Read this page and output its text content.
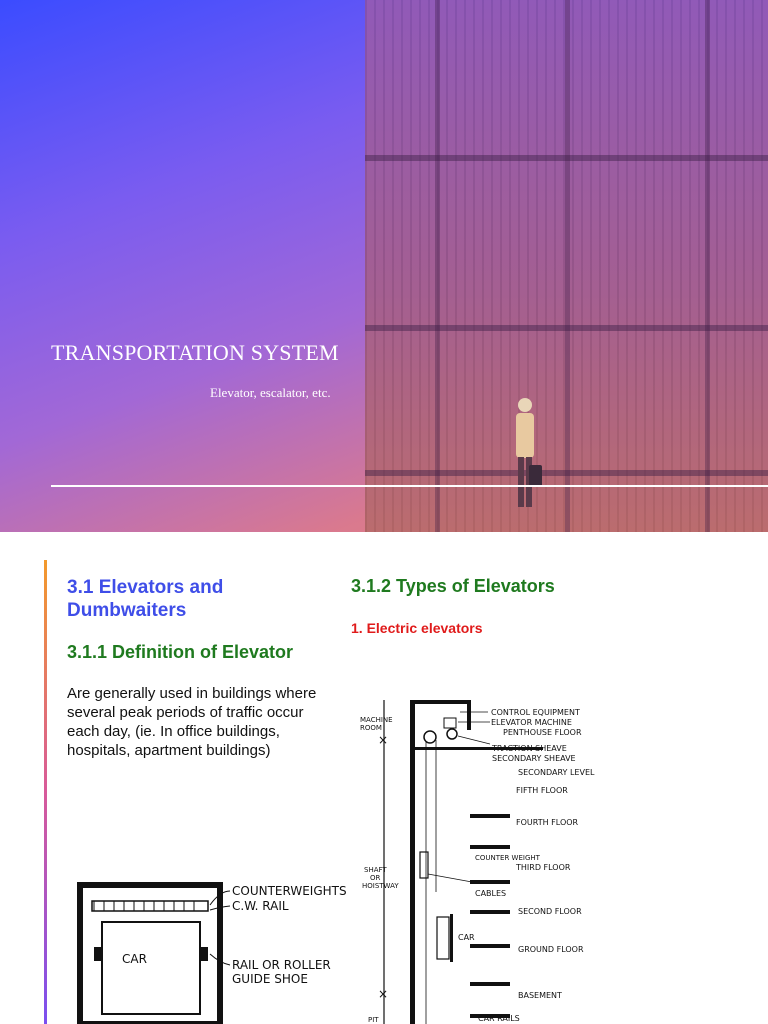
TRANSPORTATION SYSTEM
Elevator, escalator, etc.
3.1 Elevators and Dumbwaiters
3.1.1 Definition of Elevator
Are generally used in buildings where several peak periods of traffic occur each day, (ie. In office buildings, hospitals, apartment buildings)
3.1.2 Types of Elevators
1. Electric elevators
CAR
COUNTERWEIGHTS
C.W. RAIL
RAIL OR ROLLER
GUIDE SHOE
×
×
CONTROL EQUIPMENT
ELEVATOR MACHINE
PENTHOUSE FLOOR
TRACTION SHEAVE
SECONDARY SHEAVE
SECONDARY LEVEL
MACHINE
ROOM
FIFTH FLOOR
FOURTH FLOOR
COUNTER WEIGHT
THIRD FLOOR
SHAFT
OR
HOISTWAY
CABLES
SECOND FLOOR
CAR
GROUND FLOOR
BASEMENT
CAR RAILS
PIT
